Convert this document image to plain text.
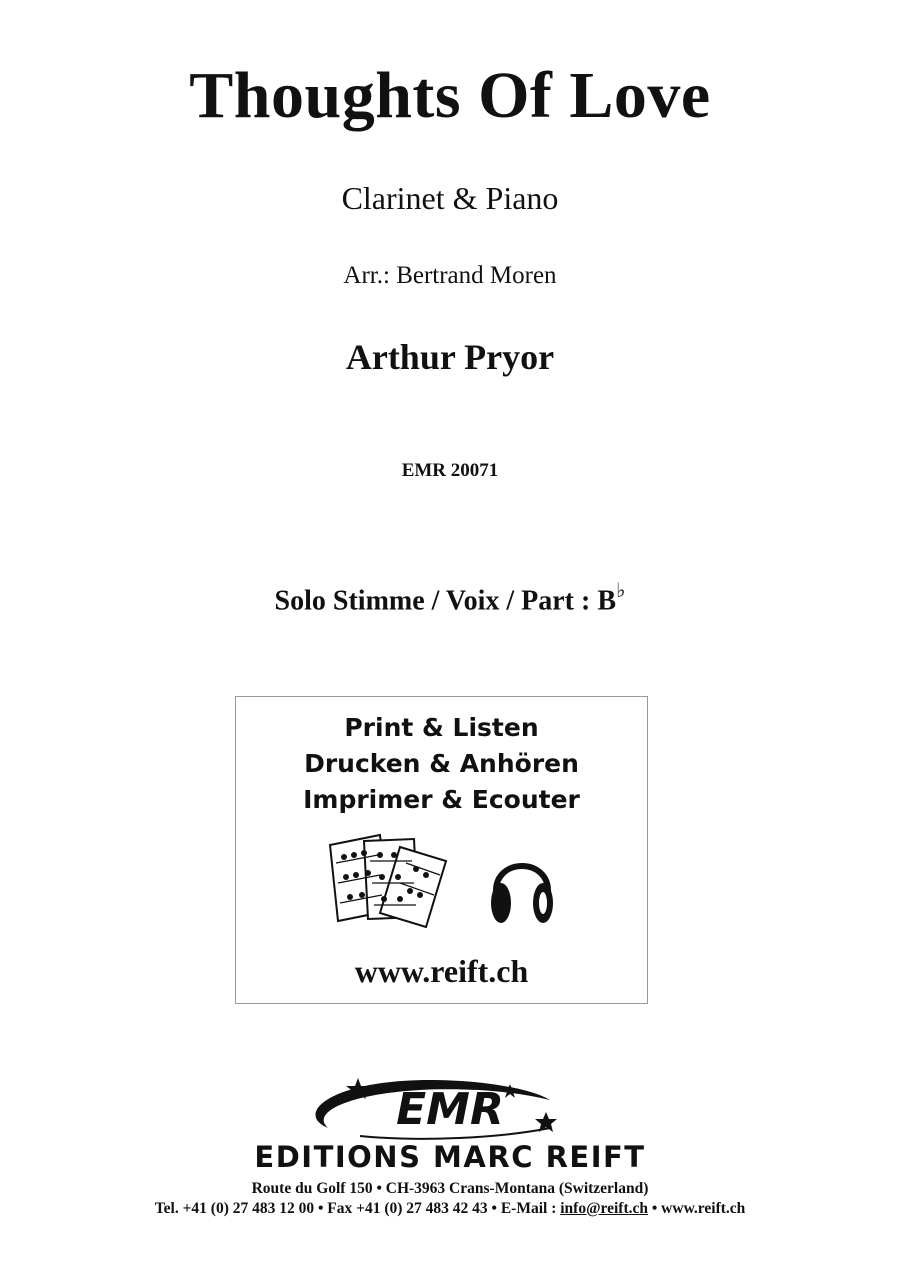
Thoughts Of Love
Clarinet & Piano
Arr.: Bertrand Moren
Arthur Pryor
EMR 20071
Solo Stimme / Voix / Part : B♭
Print & Listen
Drucken & Anhören
Imprimer & Ecouter
www.reift.ch
EMR
EDITIONS MARC REIFT
Route du Golf 150 • CH-3963 Crans-Montana (Switzerland)
Tel. +41 (0) 27 483 12 00 • Fax +41 (0) 27 483 42 43 • E-Mail : info@reift.ch • www.reift.ch
